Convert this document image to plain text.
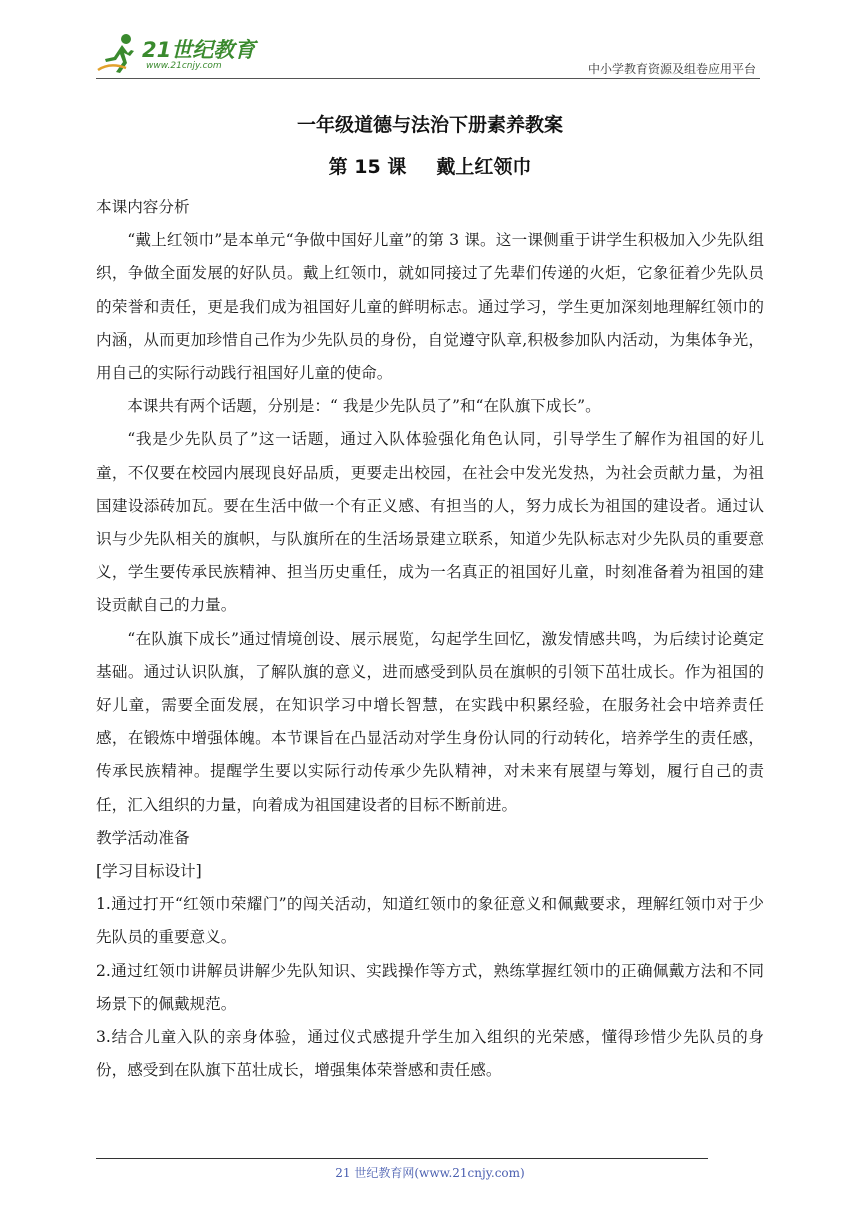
21世纪教育
www.21cnjy.com	中小学教育资源及组卷应用平台
一年级道德与法治下册素养教案
第 15 课 戴上红领巾

本课内容分析

“戴上红领巾”是本单元“争做中国好儿童”的第 3 课。这一课侧重于讲学生积极加入少先队组织，争做全面发展的好队员。戴上红领巾，就如同接过了先辈们传递的火炬，它象征着少先队员的荣誉和责任，更是我们成为祖国好儿童的鲜明标志。通过学习，学生更加深刻地理解红领巾的内涵，从而更加珍惜自己作为少先队员的身份，自觉遵守队章,积极参加队内活动，为集体争光，用自己的实际行动践行祖国好儿童的使命。

本课共有两个话题，分别是：“ 我是少先队员了”和“在队旗下成长”。

“我是少先队员了”这一话题，通过入队体验强化角色认同，引导学生了解作为祖国的好儿童，不仅要在校园内展现良好品质，更要走出校园，在社会中发光发热，为社会贡献力量，为祖国建设添砖加瓦。要在生活中做一个有正义感、有担当的人，努力成长为祖国的建设者。通过认识与少先队相关的旗帜，与队旗所在的生活场景建立联系，知道少先队标志对少先队员的重要意义，学生要传承民族精神、担当历史重任，成为一名真正的祖国好儿童，时刻准备着为祖国的建设贡献自己的力量。

“在队旗下成长”通过情境创设、展示展览，勾起学生回忆，激发情感共鸣，为后续讨论奠定基础。通过认识队旗，了解队旗的意义，进而感受到队员在旗帜的引领下茁壮成长。作为祖国的好儿童，需要全面发展，在知识学习中增长智慧，在实践中积累经验，在服务社会中培养责任感，在锻炼中增强体魄。本节课旨在凸显活动对学生身份认同的行动转化，培养学生的责任感，传承民族精神。提醒学生要以实际行动传承少先队精神，对未来有展望与筹划，履行自己的责任，汇入组织的力量，向着成为祖国建设者的目标不断前进。

教学活动准备

[学习目标设计]

1.通过打开“红领巾荣耀门”的闯关活动，知道红领巾的象征意义和佩戴要求，理解红领巾对于少先队员的重要意义。

2.通过红领巾讲解员讲解少先队知识、实践操作等方式，熟练掌握红领巾的正确佩戴方法和不同场景下的佩戴规范。

3.结合儿童入队的亲身体验，通过仪式感提升学生加入组织的光荣感，懂得珍惜少先队员的身份，感受到在队旗下茁壮成长，增强集体荣誉感和责任感。

21 世纪教育网(www.21cnjy.com)
